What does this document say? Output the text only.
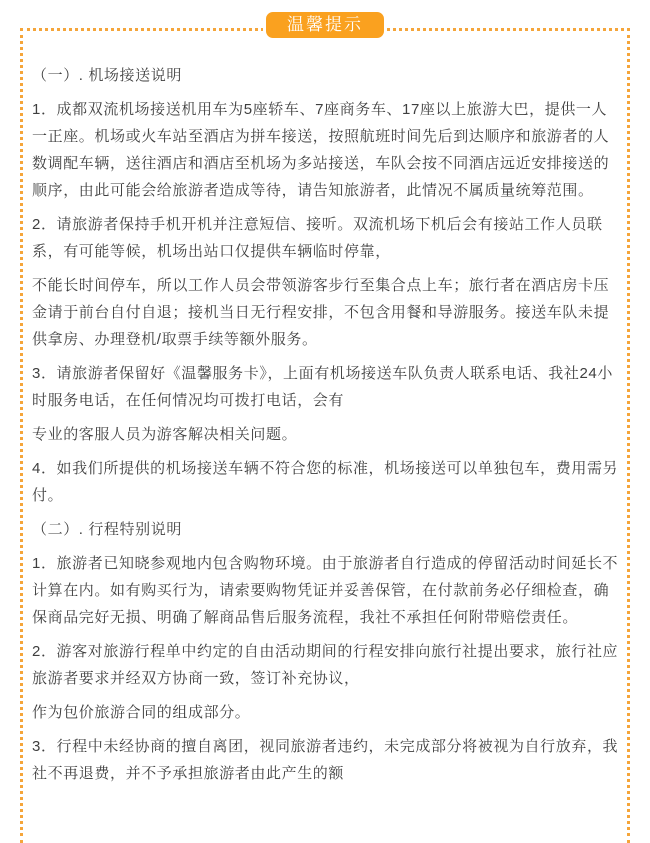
（一）. 机场接送说明

1．成都双流机场接送机用车为5座轿车、7座商务车、17座以上旅游大巴，提供一人一正座。机场或火车站至酒店为拼车接送，按照航班时间先后到达顺序和旅游者的人数调配车辆，送往酒店和酒店至机场为多站接送，车队会按不同酒店远近安排接送的顺序，由此可能会给旅游者造成等待，请告知旅游者，此情况不属质量统筹范围。

2．请旅游者保持手机开机并注意短信、接听。双流机场下机后会有接站工作人员联系，有可能等候，机场出站口仅提供车辆临时停靠，

不能长时间停车，所以工作人员会带领游客步行至集合点上车；旅行者在酒店房卡压金请于前台自付自退；接机当日无行程安排，不包含用餐和导游服务。接送车队未提供拿房、办理登机/取票手续等额外服务。

3．请旅游者保留好《温馨服务卡》，上面有机场接送车队负责人联系电话、我社24小时服务电话，在任何情况均可拨打电话，会有

专业的客服人员为游客解决相关问题。

4．如我们所提供的机场接送车辆不符合您的标准，机场接送可以单独包车，费用需另付。

（二）. 行程特别说明

1．旅游者已知晓参观地内包含购物环境。由于旅游者自行造成的停留活动时间延长不计算在内。如有购买行为，请索要购物凭证并妥善保管，在付款前务必仔细检查，确保商品完好无损、明确了解商品售后服务流程，我社不承担任何附带赔偿责任。

2．游客对旅游行程单中约定的自由活动期间的行程安排向旅行社提出要求，旅行社应旅游者要求并经双方协商一致，签订补充协议，

作为包价旅游合同的组成部分。

3．行程中未经协商的擅自离团，视同旅游者违约，未完成部分将被视为自行放弃，我社不再退费，并不予承担旅游者由此产生的额

温馨提示
